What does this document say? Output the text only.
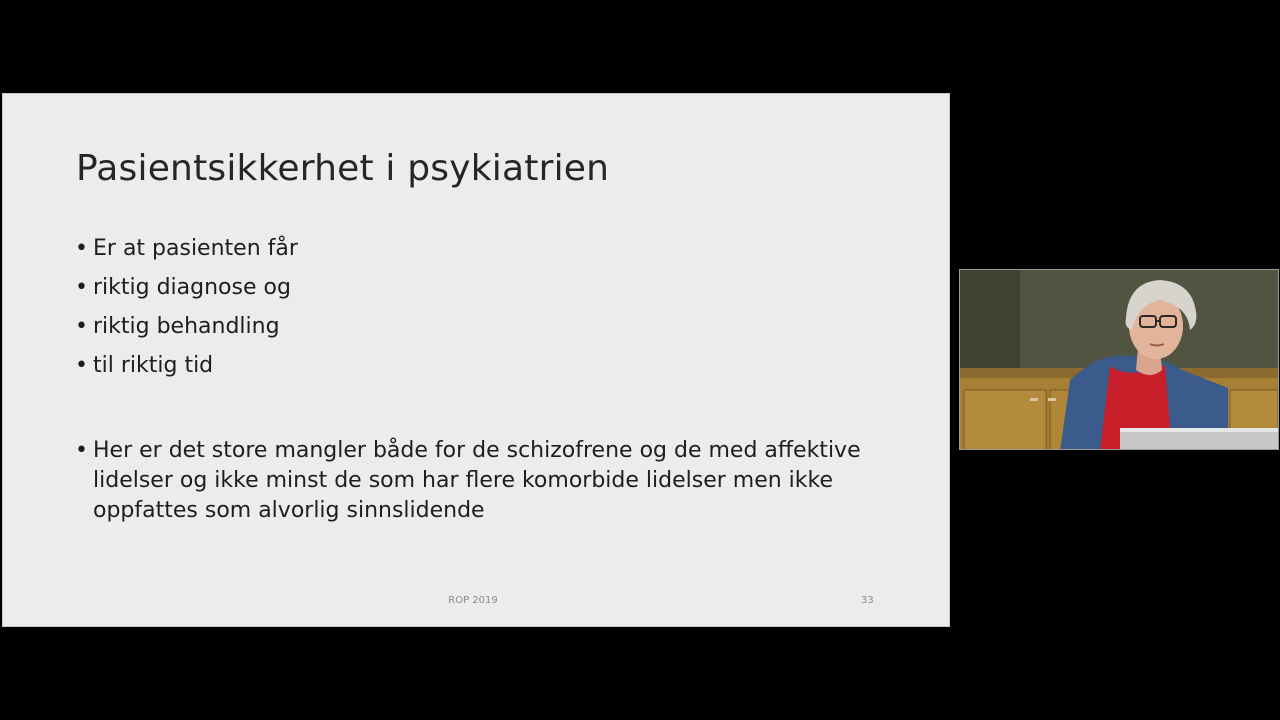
Pasientsikkerhet i psykiatrien
• Er at pasienten får
• riktig diagnose og
• riktig behandling
• til riktig tid
• Her er det store mangler både for de schizofrene og de med affektive lidelser og ikke minst de som har flere komorbide lidelser men ikke oppfattes som alvorlig sinnslidende
ROP 2019	33
